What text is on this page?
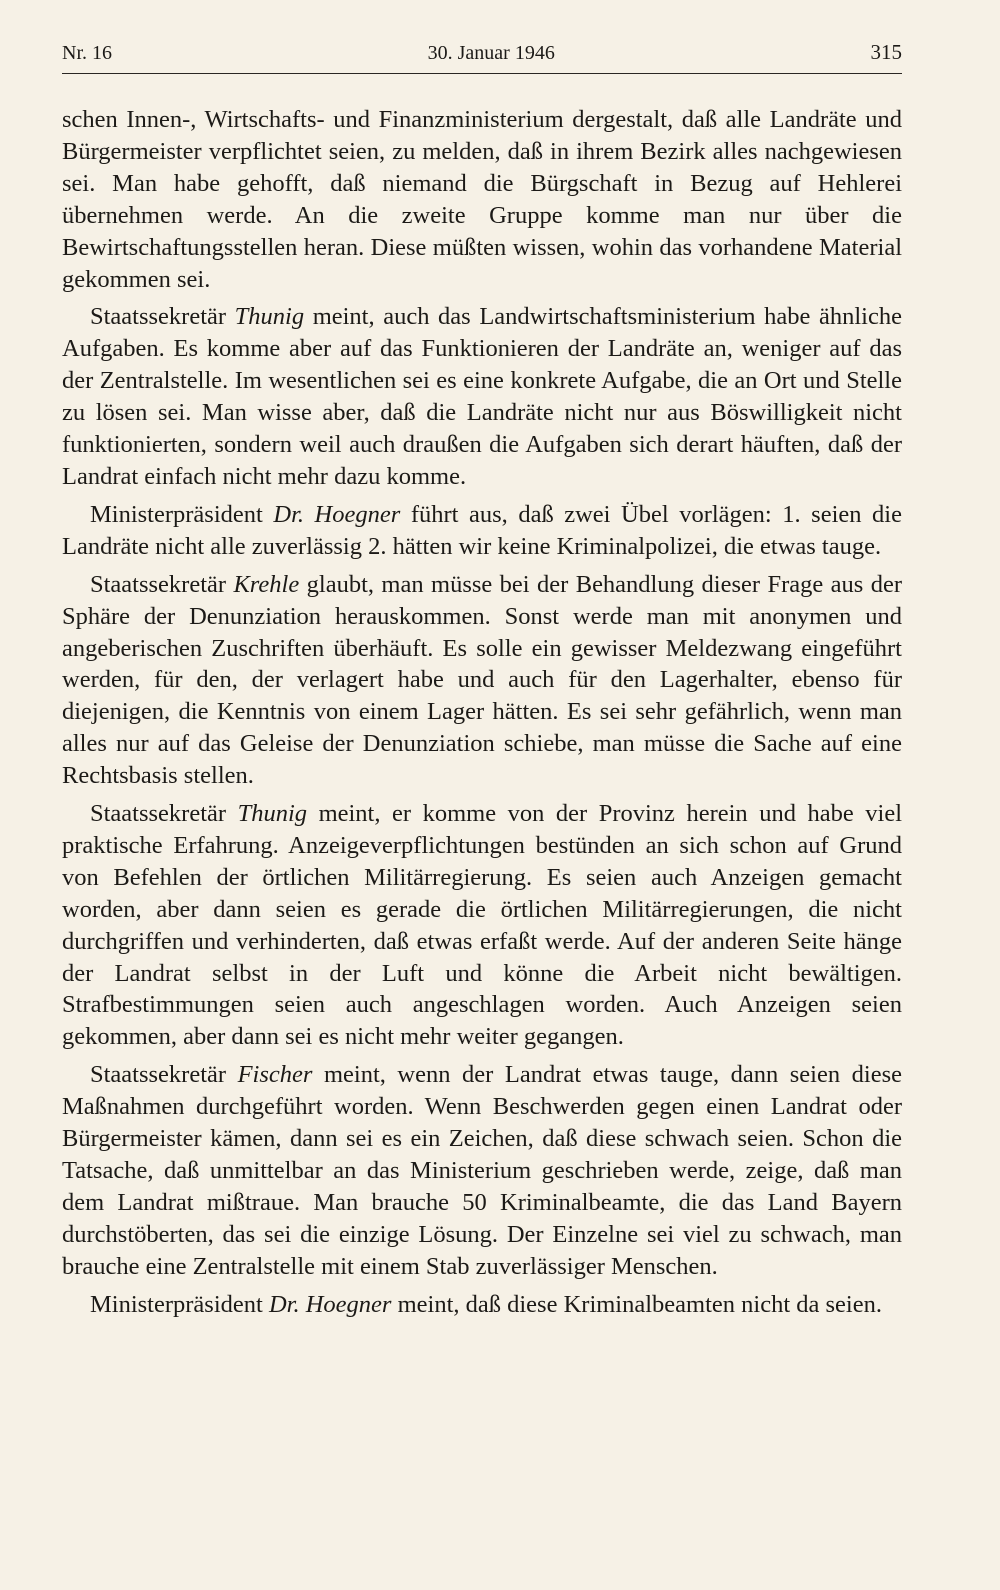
Nr. 16	30. Januar 1946	315

schen Innen-, Wirtschafts- und Finanzministerium dergestalt, daß alle Landräte und Bürgermeister verpflichtet seien, zu melden, daß in ihrem Bezirk alles nachgewiesen sei. Man habe gehofft, daß niemand die Bürgschaft in Bezug auf Hehlerei übernehmen werde. An die zweite Gruppe komme man nur über die Bewirtschaftungsstellen heran. Diese müßten wissen, wohin das vorhandene Material gekommen sei.

Staatssekretär Thunig meint, auch das Landwirtschaftsministerium habe ähnliche Aufgaben. Es komme aber auf das Funktionieren der Landräte an, weniger auf das der Zentralstelle. Im wesentlichen sei es eine konkrete Aufgabe, die an Ort und Stelle zu lösen sei. Man wisse aber, daß die Landräte nicht nur aus Böswilligkeit nicht funktionierten, sondern weil auch draußen die Aufgaben sich derart häuften, daß der Landrat einfach nicht mehr dazu komme.

Ministerpräsident Dr. Hoegner führt aus, daß zwei Übel vorlägen: 1. seien die Landräte nicht alle zuverlässig 2. hätten wir keine Kriminalpolizei, die etwas tauge.

Staatssekretär Krehle glaubt, man müsse bei der Behandlung dieser Frage aus der Sphäre der Denunziation herauskommen. Sonst werde man mit anonymen und angeberischen Zuschriften überhäuft. Es solle ein gewisser Meldezwang eingeführt werden, für den, der verlagert habe und auch für den Lagerhalter, ebenso für diejenigen, die Kenntnis von einem Lager hätten. Es sei sehr gefährlich, wenn man alles nur auf das Geleise der Denunziation schiebe, man müsse die Sache auf eine Rechtsbasis stellen.

Staatssekretär Thunig meint, er komme von der Provinz herein und habe viel praktische Erfahrung. Anzeigeverpflichtungen bestünden an sich schon auf Grund von Befehlen der örtlichen Militärregierung. Es seien auch Anzeigen gemacht worden, aber dann seien es gerade die örtlichen Militärregierungen, die nicht durchgriffen und verhinderten, daß etwas erfaßt werde. Auf der anderen Seite hänge der Landrat selbst in der Luft und könne die Arbeit nicht bewältigen. Strafbestimmungen seien auch angeschlagen worden. Auch Anzeigen seien gekommen, aber dann sei es nicht mehr weiter gegangen.

Staatssekretär Fischer meint, wenn der Landrat etwas tauge, dann seien diese Maßnahmen durchgeführt worden. Wenn Beschwerden gegen einen Landrat oder Bürgermeister kämen, dann sei es ein Zeichen, daß diese schwach seien. Schon die Tatsache, daß unmittelbar an das Ministerium geschrieben werde, zeige, daß man dem Landrat mißtraue. Man brauche 50 Kriminalbeamte, die das Land Bayern durchstöberten, das sei die einzige Lösung. Der Einzelne sei viel zu schwach, man brauche eine Zentralstelle mit einem Stab zuverlässiger Menschen.

Ministerpräsident Dr. Hoegner meint, daß diese Kriminalbeamten nicht da seien.
